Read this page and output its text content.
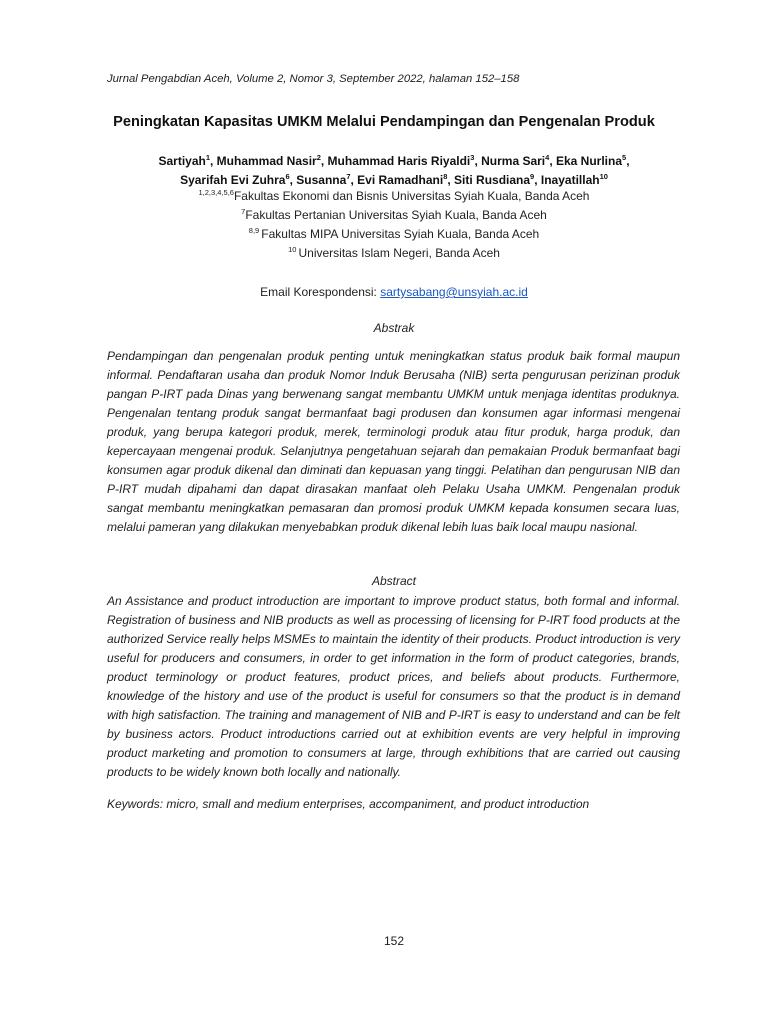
Jurnal Pengabdian Aceh, Volume 2, Nomor 3, September 2022, halaman 152–158
Peningkatan Kapasitas UMKM Melalui Pendampingan dan Pengenalan Produk
Sartiyah$^1$, Muhammad Nasir$^2$, Muhammad Haris Riyaldi$^3$, Nurma Sari$^4$, Eka Nurlina$^5$,
Syarifah Evi Zuhra$^6$, Susanna$^7$, Evi Ramadhani$^8$, Siti Rusdiana$^9$, Inayatillah$^{10}$
$^{1,2,3,4,5,6}$Fakultas Ekonomi dan Bisnis Universitas Syiah Kuala, Banda Aceh
$^7$Fakultas Pertanian Universitas Syiah Kuala, Banda Aceh
$^{8,9}$ Fakultas MIPA Universitas Syiah Kuala, Banda Aceh
$^{10}$ Universitas Islam Negeri, Banda Aceh
Email Korespondensi: sartysabang@unsyiah.ac.id
Abstrak

Pendampingan dan pengenalan produk penting untuk meningkatkan status produk baik formal maupun informal. Pendaftaran usaha dan produk Nomor Induk Berusaha (NIB) serta pengurusan perizinan produk pangan P-IRT pada Dinas yang berwenang sangat membantu UMKM untuk menjaga identitas produknya. Pengenalan tentang produk sangat bermanfaat bagi produsen dan konsumen agar informasi mengenai produk, yang berupa kategori produk, merek, terminologi produk atau fitur produk, harga produk, dan kepercayaan mengenai produk. Selanjutnya pengetahuan sejarah dan pemakaian Produk bermanfaat bagi konsumen agar produk dikenal dan diminati dan kepuasan yang tinggi. Pelatihan dan pengurusan NIB dan P-IRT mudah dipahami dan dapat dirasakan manfaat oleh Pelaku Usaha UMKM. Pengenalan produk sangat membantu meningkatkan pemasaran dan promosi produk UMKM kepada konsumen secara luas, melalui pameran yang dilakukan menyebabkan produk dikenal lebih luas baik local maupu nasional.

Abstract

An Assistance and product introduction are important to improve product status, both formal and informal. Registration of business and NIB products as well as processing of licensing for P-IRT food products at the authorized Service really helps MSMEs to maintain the identity of their products. Product introduction is very useful for producers and consumers, in order to get information in the form of product categories, brands, product terminology or product features, product prices, and beliefs about products. Furthermore, knowledge of the history and use of the product is useful for consumers so that the product is in demand with high satisfaction. The training and management of NIB and P-IRT is easy to understand and can be felt by business actors. Product introductions carried out at exhibition events are very helpful in improving product marketing and promotion to consumers at large, through exhibitions that are carried out causing products to be widely known both locally and nationally.

Keywords: micro, small and medium enterprises, accompaniment, and product introduction
152
